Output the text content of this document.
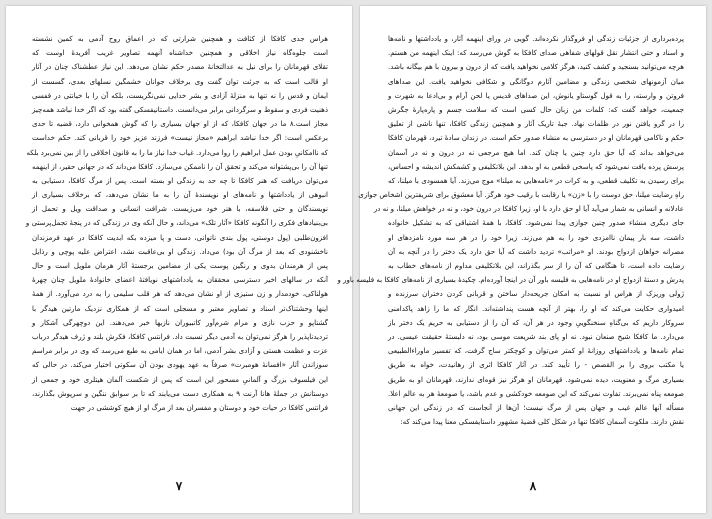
هراس جدی کافکا از کثافت و همچنین شرارتی که در اعماق روح آدمی به کمین نشسته
است جلوه‌گاه نیاز اخلاقی و همچنین خداشناه آنهمه تصاویر غریب آفریدهٔ اوست که
تقلای قهرمانان را برای نیل به عدالتخانهٔ مصدر حکم نشان می‌دهد. این نیاز عطشناک چنان در آثار
او قالب است که به جرئت توان گفت وی برخلاف جوانان خشمگین نسلهای بعدی، گسست از
ایمان و قدس را نه تنها به منزلهٔ آزادی و بشر خدایی نمی‌نگریست، بلکه آن را با خیانتی در قفسی
ذهنیت فردی و سقوط و سرگردانی برابر می‌دانست. داستانیفسکی گفته بود که اگر خدا نباشد همه‌چیز
مجاز است.۸ ما در جهان کافکا، که از او جهان بسیاری را که گوش همخوانی دارد، قضیه تا حدی
برعکس است: اگر خدا نباشد ابراهیم «مجاز نیست» فرزند عزیز خود را قربانی کند. حکم خداست
که ناامکانیِ بودن عمل ابراهیم را روا می‌دارد. غیاب خدا نیاز ما را به قانون اخلاقی را از بین نمی‌برد بلکه
تنها آن را بی‌پشتوانه می‌کند و تحقق آن را ناممکن می‌سازد. کافکا می‌داند که در جهانی حقیر، از اینهمه
می‌توان دریافت که هنر کافکا تا چه حد به زندگی او بسته است. پس از مرگ کافکا، دستیابی به
انبوهی از یادداشتها و نامه‌های او نویسندهٔ آن را به ما نشان می‌دهد، که برخلاف بسیاری از
نویسندگان و حتی فلاسفه، با هنر خود می‌زیست. شرافت انسانی و صداقت ویل و تحمل از
بی‌بنیادهای فکری را آنگونه کافکا «آثار تلک» می‌داند، و حال آنکه وی در زندگی که در پنجهٔ تجمل‌پرستی و
افزون‌طلبی (پول دوستی، پول بندی ناتوانی، دست و پا میزده بکه ابدیت کافکا در عهد فرمزندان
ناخشنودی که بعد از مرگ آن بود) می‌داد. زندگی او بی‌عاقبت نشد، اعتراض علیه پوچی و رذایل
پس از هرمندان بدوی و رنگین پوست یکی از مضامین برجستهٔ آثار هرمان ملویل است و حال
آنکه در سالهای اخیر دسترسی محققان به یادداشتهای نویافتهٔ اعضای خانوادهٔ ملویل چنان چهرهٔ
هولناکی، خودمدار و زن ستیزی از او نشان می‌دهد که هر قلب سلیمی را به درد می‌آورد. از همهٔ
اینها وحشتناک‌تر اسناد و تصاویر معتبر و مسجلی است که از همکاری نزدیک مارتین هیدگر با
گشتاپو و حزب نازی و مرام شرم‌آور کاتبیوران نازیها خبر می‌دهند. این دوچهرگی آشکار و
تردیدناپذیر را هرگز نمی‌توان به آدمی دیگر نسبت داد. فرانتس کافکا، فکرش بلند و ژرف هیدگر درباب
عزت و عظمت هستی و آزادی بشر آدمی، اما در همان ایامی به طبع می‌رسد که وی در برابر مراسم
سوزاندن آثار «افسانهٔ هومبرت» صرفاً به عهد یهودی بودن آن سکوتی اختیار می‌کند. در حالی که
این فیلسوف بزرگ و آلمانیِ مسحور این است که پس از شکست آلمان هیتلری خود و جمعی از
دوستانش در جملهٔ هانا آرنت ۹ به همکاری دست می‌یابند که تا بر سوابق ننگین و سرپوش بگذارند،
فرانتس کافکا در حیات خود و دوستان و مفسران بعد از مرگ او از هیچ کوششی در جهت
۷
پرده‌برداری از جزئیات زندگی او فروگذار نکرده‌اند. گویی در ورای اینهمه آثار، و یادداشتها و نامه‌ها
و اسناد و حتی انتشار نقل قولهای شفاهی صدای کافکا به گوش می‌رسد که: اینک اینهمه من هستم.
هرچه می‌توانید بسنجید و کشف کنید، هرگز کلامی نخواهید یافت که از درون و بیرون با هم بیگانه باشد.
میان آزمونهای شخصی زندگی و مضامین آثارم دوگانگی و شکافی نخواهید یافت. این صداهای
فروتن و وارسته، را به قول گوستاو یانوش، این صداهای قدیس یا لحن آرام و بی‌ادعا به شهرت و
جمعیت، خواهد گفت که: کلمات من زبان حال کسی است که سلامت جسم و پاره‌پارهٔ جگرش
را در گرو یافتن نور در ظلمات نهاد. جبهٔ تاریک آثار و همچنین زندگی کافکا، تنها ناشی از تعلیق
حکم و ناکامی قهرمانان او در دسترسی به منشاء صدور حکم است. در زندان سادهٔ تیرد، قهرمان کافکا
می‌خواهد بداند که آیا حق دارد چنین یا چنان کند. اما هیچ مرجعی نه در درون و نه در آسمان
پرسش پرده یافت نمی‌شود که پاسخی قطعی به او بدهد. این بلاتکلیفی و کشمکش اندیشه و احساس،
برای رسیدن به تکلیف قطعی، و به کرات در «نامه‌هایی به میلنا» موج می‌زند. آیا همسودی با میلنا، که
راهِ رضایت میلنا، حق دوست را با «زن» یا رقابت با رقیب خود هرگز. آیا معشوق برای شریفترین اشخاص جوازی
عادلانه و انسانی به شمار می‌آید آیا او حق دارد با او، زیرا کافکا در درون خود، و نه در خواهش میلنا، و نه در
جای دیگری منشاء صدور چنین جوازی پیدا نمی‌شود. کافکا، با همهٔ اشتیاقی که به تشکیل خانواده
داشت، سه بار پیمان ناامزدی خود را به هم می‌زند. زیرا خود را در هر سه مورد نامزدهای او
مصرانه خواهان ازدواج بودند. او «مراتب» تردید داشت که آیا حق دارد یک دختر را در آنچه به آن
رضایت داده است، تا هنگامی که آن را از سر بگذراند، این بلاتکلیفی مداوم از نامه‌های خطاب به
پدرش و دستهٔ ازدواج او در نامه‌هایی به فلیسه باور آن در اینجا آورده‌ام. چکیدهٔ بسیاری از نامه‌های کافکا به فلیسه باور و
ژولی وریزک از هراس او نسبت به امکان جریحه‌دار ساختن و قربانی کردن دختران سرزنده و
امیدواری حکایت می‌کند که او را، بهتر از آنچه هست پنداشته‌اند. انگار که ما را زاهد پاکدامنی
سروکار داریم که بی‌گناهِ سنخنگوییِ وجود در هر آن، که آن را از دستیابی به حریم یک دختر باز
می‌دارد. ما کافکا شیخ صنعان نبود. نه او پای بند شریعت موسی بود، نه دلبستهٔ حقیقت عیسی. در
تمام نامه‌ها و یادداشتهای روزانهٔ او کمتر می‌توان و کوچکتر ساج گرفت، که تفسیر ماوراءالطبیعی
یا مکتب بروی را بر القصص - را تأیید کند. در آثار کافکا اثری از رهانیدت، خواه به طریق
بسیاری مرگ و معنویت، دیده نمی‌شود. قهرمانان او هرگز نیز قوه‌ای ندارند، قهرمانان او به طریق
صومعه پناه نمی‌برند. تفاوت نمی‌کند که این صومعه خودکشی و عدم باشد، یا صومعهٔ هر به عالم اعلا.
مسأله آنها عالم غیب و جهان پس از مرگ نیست؛ آن‌ها از آنجاست که در زندگی این جهانی
نقش دارند. ملکوت آسمان کافکا تنها در شکل کلی قضیهٔ مشهور داستایفسکی معنا پیدا می‌کند که:
۸
